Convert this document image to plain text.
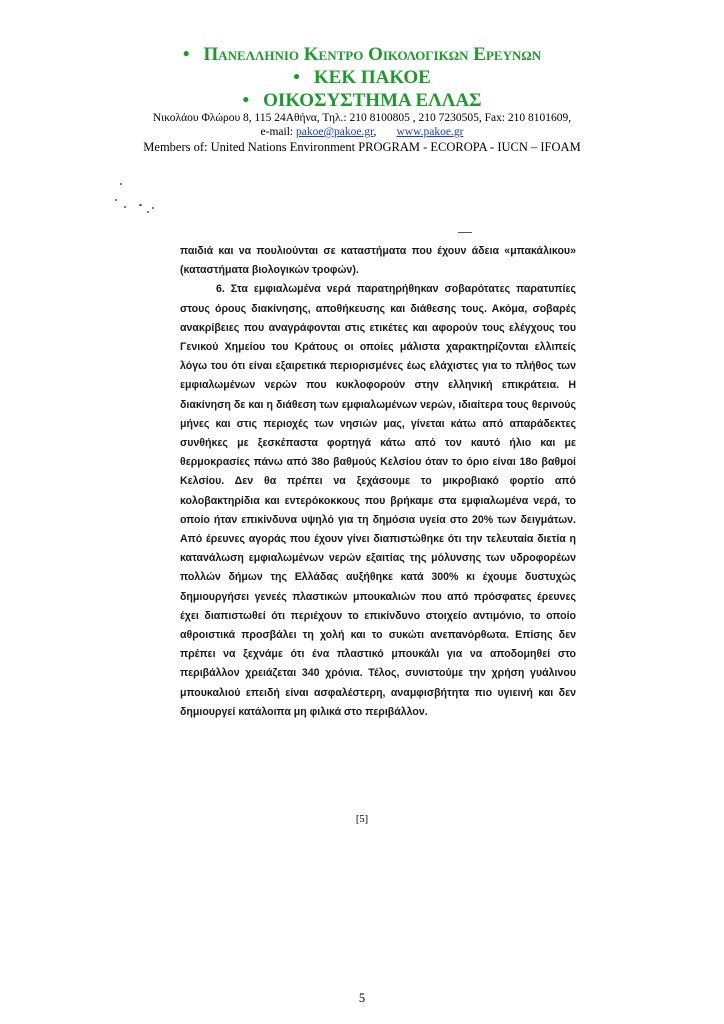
• Πανελληνιο Κεντρο Οικολογικων Ερευνων
• ΚΕΚ ΠΑΚΟΕ
• ΟΙΚΟΣΥΣΤΗΜΑ ΕΛΛΑΣ
Νικολάου Φλώρου 8, 115 24Αθήνα, Τηλ.: 210 8100805 , 210 7230505, Fax: 210 8101609,
e-mail: pakoe@pakoe.gr,       www.pakoe.gr
Members of: United Nations Environment PROGRAM - ECOROPA - IUCN – IFOAM

παιδιά και να πουλιούνται σε καταστήματα που έχουν άδεια «μπακάλικου» (καταστήματα βιολογικών τροφών).

6. Στα εμφιαλωμένα νερά παρατηρήθηκαν σοβαρότατες παρατυπίες στους όρους διακίνησης, αποθήκευσης και διάθεσης τους. Ακόμα, σοβαρές ανακρίβειες που αναγράφονται στις ετικέτες και αφορούν τους ελέγχους του Γενικού Χημείου του Κράτους οι οποίες μάλιστα χαρακτηρίζονται ελλιπείς λόγω του ότι είναι εξαιρετικά περιορισμένες έως ελάχιστες για το πλήθος των εμφιαλωμένων νερών που κυκλοφορούν στην ελληνική επικράτεια. Η διακίνηση δε και η διάθεση των εμφιαλωμένων νερών, ιδιαίτερα τους θερινούς μήνες και στις περιοχές των νησιών μας, γίνεται κάτω από απαράδεκτες συνθήκες με ξεσκέπαστα φορτηγά κάτω από τον καυτό ήλιο και με θερμοκρασίες πάνω από 38ο βαθμούς Κελσίου όταν το όριο είναι 18ο βαθμοί Κελσίου. Δεν θα πρέπει να ξεχάσουμε το μικροβιακό φορτίο από κολοβακτηρίδια και εντερόκοκκους που βρήκαμε στα εμφιαλωμένα νερά, το οποίο ήταν επικίνδυνα υψηλό για τη δημόσια υγεία στο 20% των δειγμάτων. Από έρευνες αγοράς που έχουν γίνει διαπιστώθηκε ότι την τελευταία διετία η κατανάλωση εμφιαλωμένων νερών εξαιτίας της μόλυνσης των υδροφορέων πολλών δήμων της Ελλάδας αυξήθηκε κατά 300% κι έχουμε δυστυχώς δημιουργήσει γενεές πλαστικών μπουκαλιών που από πρόσφατες έρευνες έχει διαπιστωθεί ότι περιέχουν το επικίνδυνο στοιχείο αντιμόνιο, το οποίο αθροιστικά προσβάλει τη χολή και το συκώτι ανεπανόρθωτα. Επίσης δεν πρέπει να ξεχνάμε ότι ένα πλαστικό μπουκάλι για να αποδομηθεί στο περιβάλλον χρειάζεται 340 χρόνια. Τέλος, συνιστούμε την χρήση γυάλινου μπουκαλιού επειδή είναι ασφαλέστερη, αναμφισβήτητα πιο υγιεινή και δεν δημιουργεί κατάλοιπα μη φιλικά στο περιβάλλον.

[5]
5
